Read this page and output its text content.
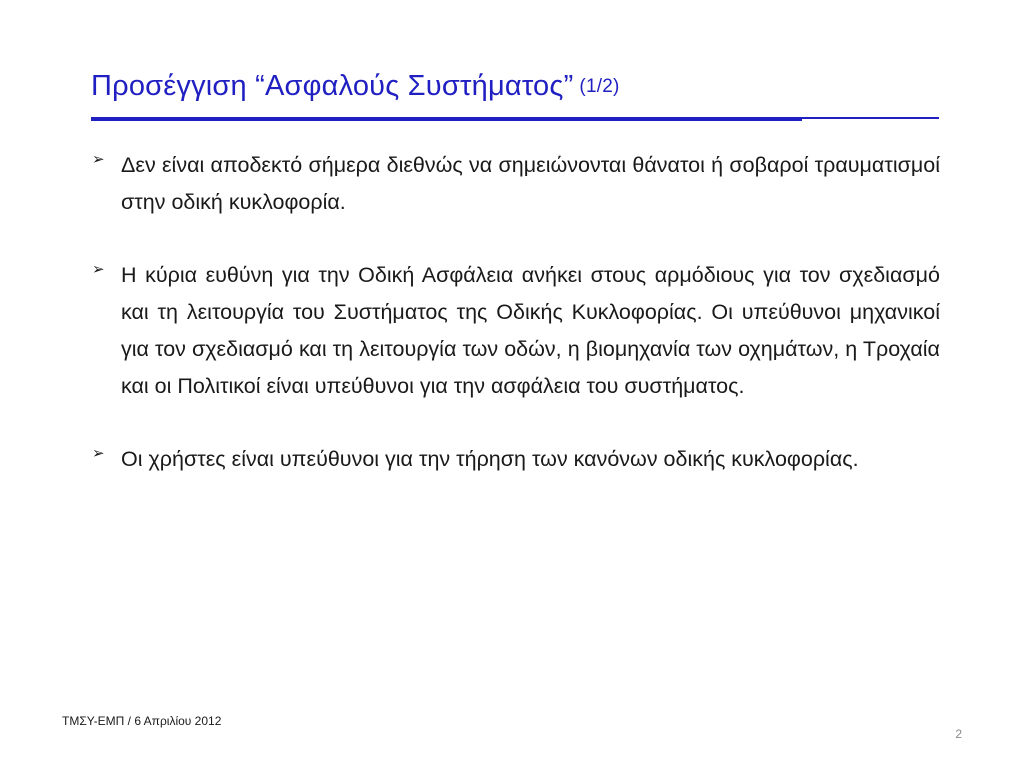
Προσέγγιση “Ασφαλούς Συστήματος” (1/2)
➢ Δεν είναι αποδεκτό σήμερα διεθνώς να σημειώνονται θάνατοι ή σοβαροί τραυματισμοί στην οδική κυκλοφορία.
➢ Η κύρια ευθύνη για την Οδική Ασφάλεια ανήκει στους αρμόδιους για τον σχεδιασμό και τη λειτουργία του Συστήματος της Οδικής Κυκλοφορίας. Οι υπεύθυνοι μηχανικοί για τον σχεδιασμό και τη λειτουργία των οδών, η βιομηχανία των οχημάτων, η Τροχαία και οι Πολιτικοί είναι υπεύθυνοι για την ασφάλεια του συστήματος.
➢ Οι χρήστες είναι υπεύθυνοι για την τήρηση των κανόνων οδικής κυκλοφορίας.
ΤΜΣΥ-ΕΜΠ / 6 Απριλίου 2012
2
